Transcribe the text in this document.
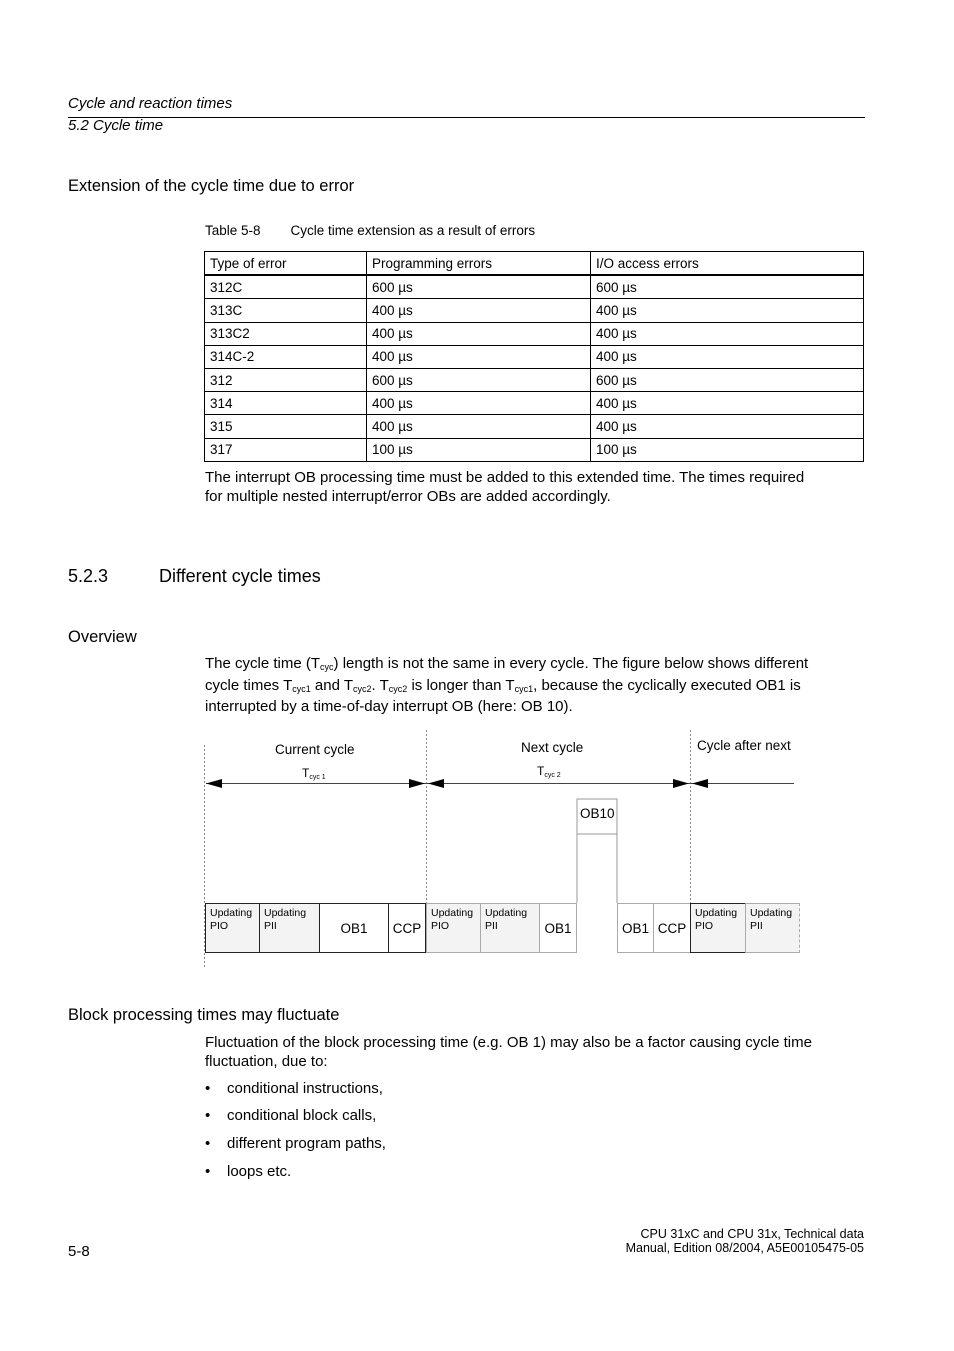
Cycle and reaction times
5.2 Cycle time
Extension of the cycle time due to error
Table 5-8 Cycle time extension as a result of errors
Type of error	Programming errors	I/O access errors
312C	600 µs	600 µs
313C	400 µs	400 µs
313C2	400 µs	400 µs
314C-2	400 µs	400 µs
312	600 µs	600 µs
314	400 µs	400 µs
315	400 µs	400 µs
317	100 µs	100 µs
The interrupt OB processing time must be added to this extended time. The times required
for multiple nested interrupt/error OBs are added accordingly.
5.2.3	Different cycle times
Overview
The cycle time $(T_{cyc})$ length is not the same in every cycle. The figure below shows different
cycle times $T_{cyc1}$ and $T_{cyc2}$. $T_{cyc2}$ is longer than $T_{cyc1}$, because the cyclically executed OB1 is
interrupted by a time-of-day interrupt OB (here: OB 10).
Current cycle	Next cycle	Cycle after next
$T_{cyc 1}$	$T_{cyc 2}$
OB10
Updating
PIO
Updating
PII	OB1	CCP
Updating
PIO
Updating
PII	OB1	OB1 CCP
Updating
PIO
Updating
PII
Block processing times may fluctuate
Fluctuation of the block processing time (e.g. OB 1) may also be a factor causing cycle time
fluctuation, due to:
• conditional instructions,
• conditional block calls,
• different program paths,
• loops etc.
5-8
CPU 31xC and CPU 31x, Technical data
Manual, Edition 08/2004, A5E00105475-05
